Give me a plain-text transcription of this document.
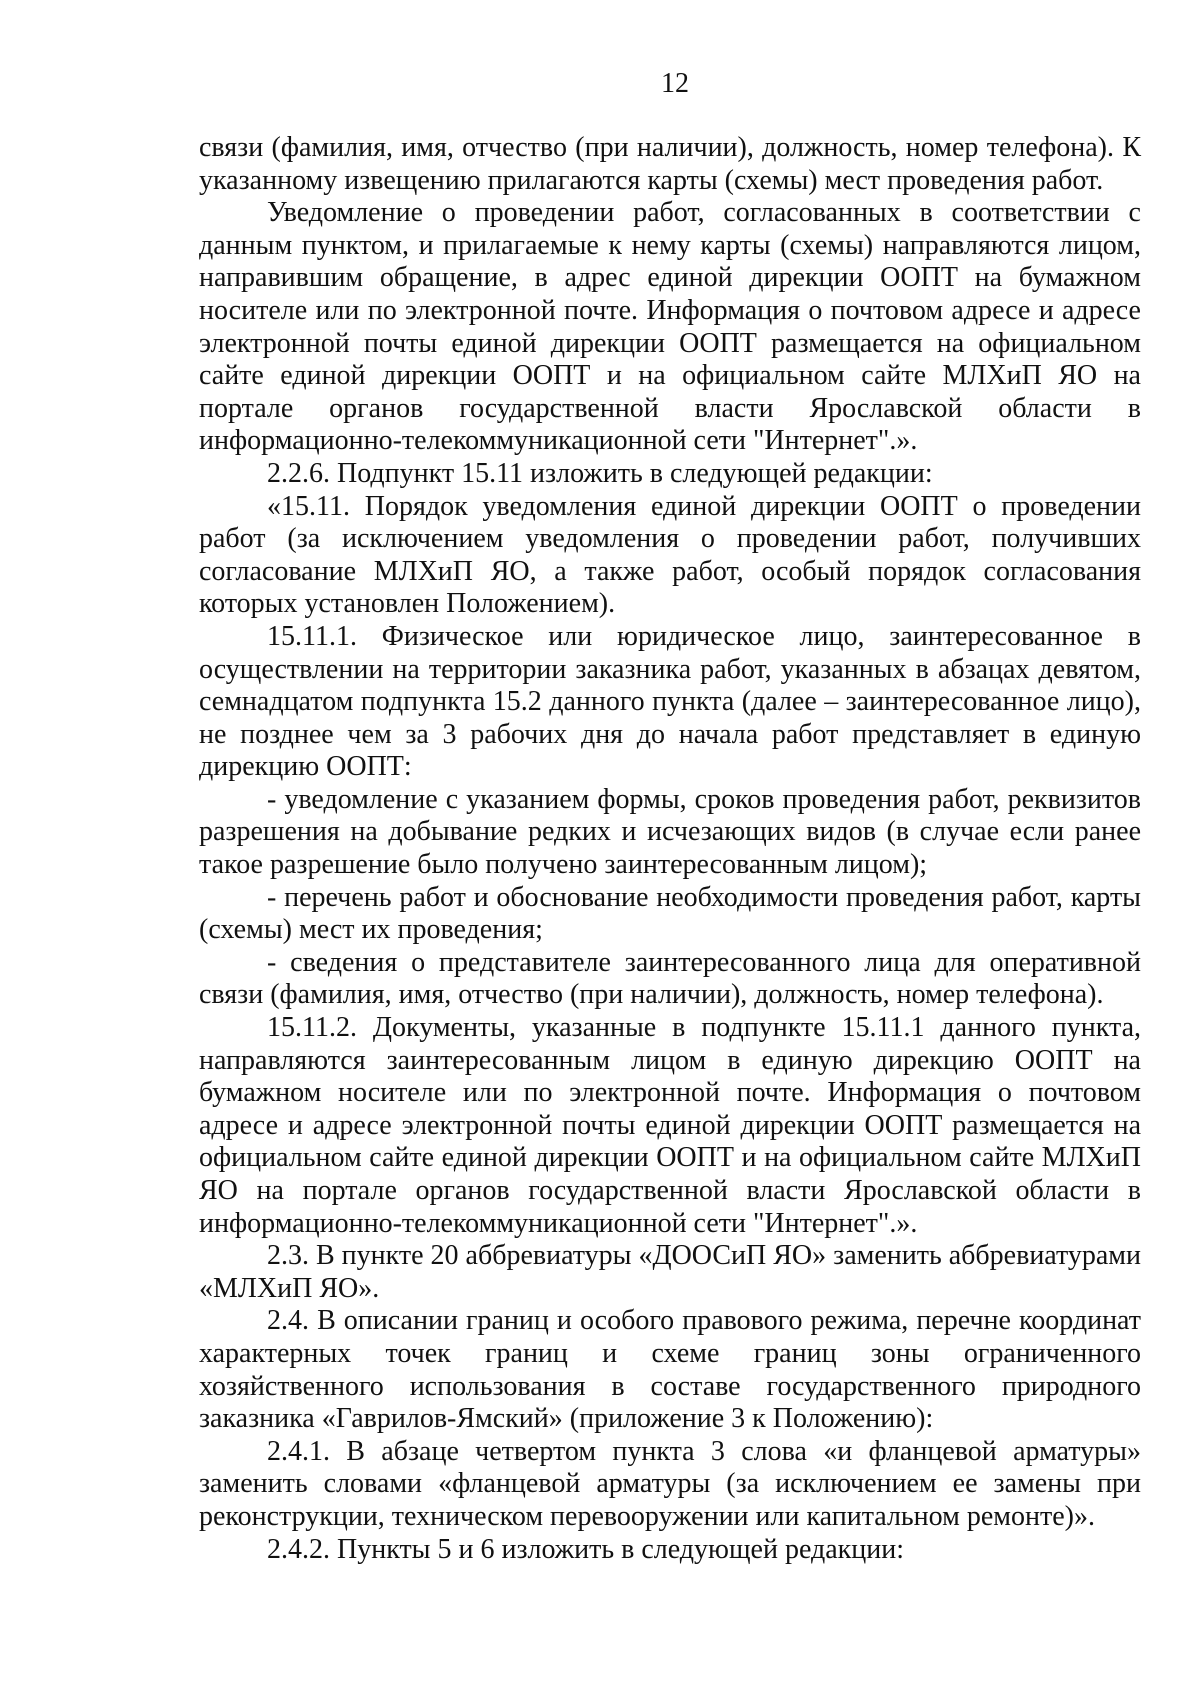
12

связи (фамилия, имя, отчество (при наличии), должность, номер телефона). К указанному извещению прилагаются карты (схемы) мест проведения работ.

Уведомление о проведении работ, согласованных в соответствии с данным пунктом, и прилагаемые к нему карты (схемы) направляются лицом, направившим обращение, в адрес единой дирекции ООПТ на бумажном носителе или по электронной почте. Информация о почтовом адресе и адресе электронной почты единой дирекции ООПТ размещается на официальном сайте единой дирекции ООПТ и на официальном сайте МЛХиП ЯО на портале органов государственной власти Ярославской области в информационно-телекоммуникационной сети "Интернет".».

2.2.6. Подпункт 15.11 изложить в следующей редакции:

«15.11. Порядок уведомления единой дирекции ООПТ о проведении работ (за исключением уведомления о проведении работ, получивших согласование МЛХиП ЯО, а также работ, особый порядок согласования которых установлен Положением).

15.11.1. Физическое или юридическое лицо, заинтересованное в осуществлении на территории заказника работ, указанных в абзацах девятом, семнадцатом подпункта 15.2 данного пункта (далее – заинтересованное лицо), не позднее чем за 3 рабочих дня до начала работ представляет в единую дирекцию ООПТ:

- уведомление с указанием формы, сроков проведения работ, реквизитов разрешения на добывание редких и исчезающих видов (в случае если ранее такое разрешение было получено заинтересованным лицом);

- перечень работ и обоснование необходимости проведения работ, карты (схемы) мест их проведения;

- сведения о представителе заинтересованного лица для оперативной связи (фамилия, имя, отчество (при наличии), должность, номер телефона).

15.11.2. Документы, указанные в подпункте 15.11.1 данного пункта, направляются заинтересованным лицом в единую дирекцию ООПТ на бумажном носителе или по электронной почте. Информация о почтовом адресе и адресе электронной почты единой дирекции ООПТ размещается на официальном сайте единой дирекции ООПТ и на официальном сайте МЛХиП ЯО на портале органов государственной власти Ярославской области в информационно-телекоммуникационной сети "Интернет".».

2.3. В пункте 20 аббревиатуры «ДООСиП ЯО» заменить аббревиатурами «МЛХиП ЯО».

2.4. В описании границ и особого правового режима, перечне координат характерных точек границ и схеме границ зоны ограниченного хозяйственного использования в составе государственного природного заказника «Гаврилов-Ямский» (приложение 3 к Положению):

2.4.1. В абзаце четвертом пункта 3 слова «и фланцевой арматуры» заменить словами «фланцевой арматуры (за исключением ее замены при реконструкции, техническом перевооружении или капитальном ремонте)».

2.4.2. Пункты 5 и 6 изложить в следующей редакции:
